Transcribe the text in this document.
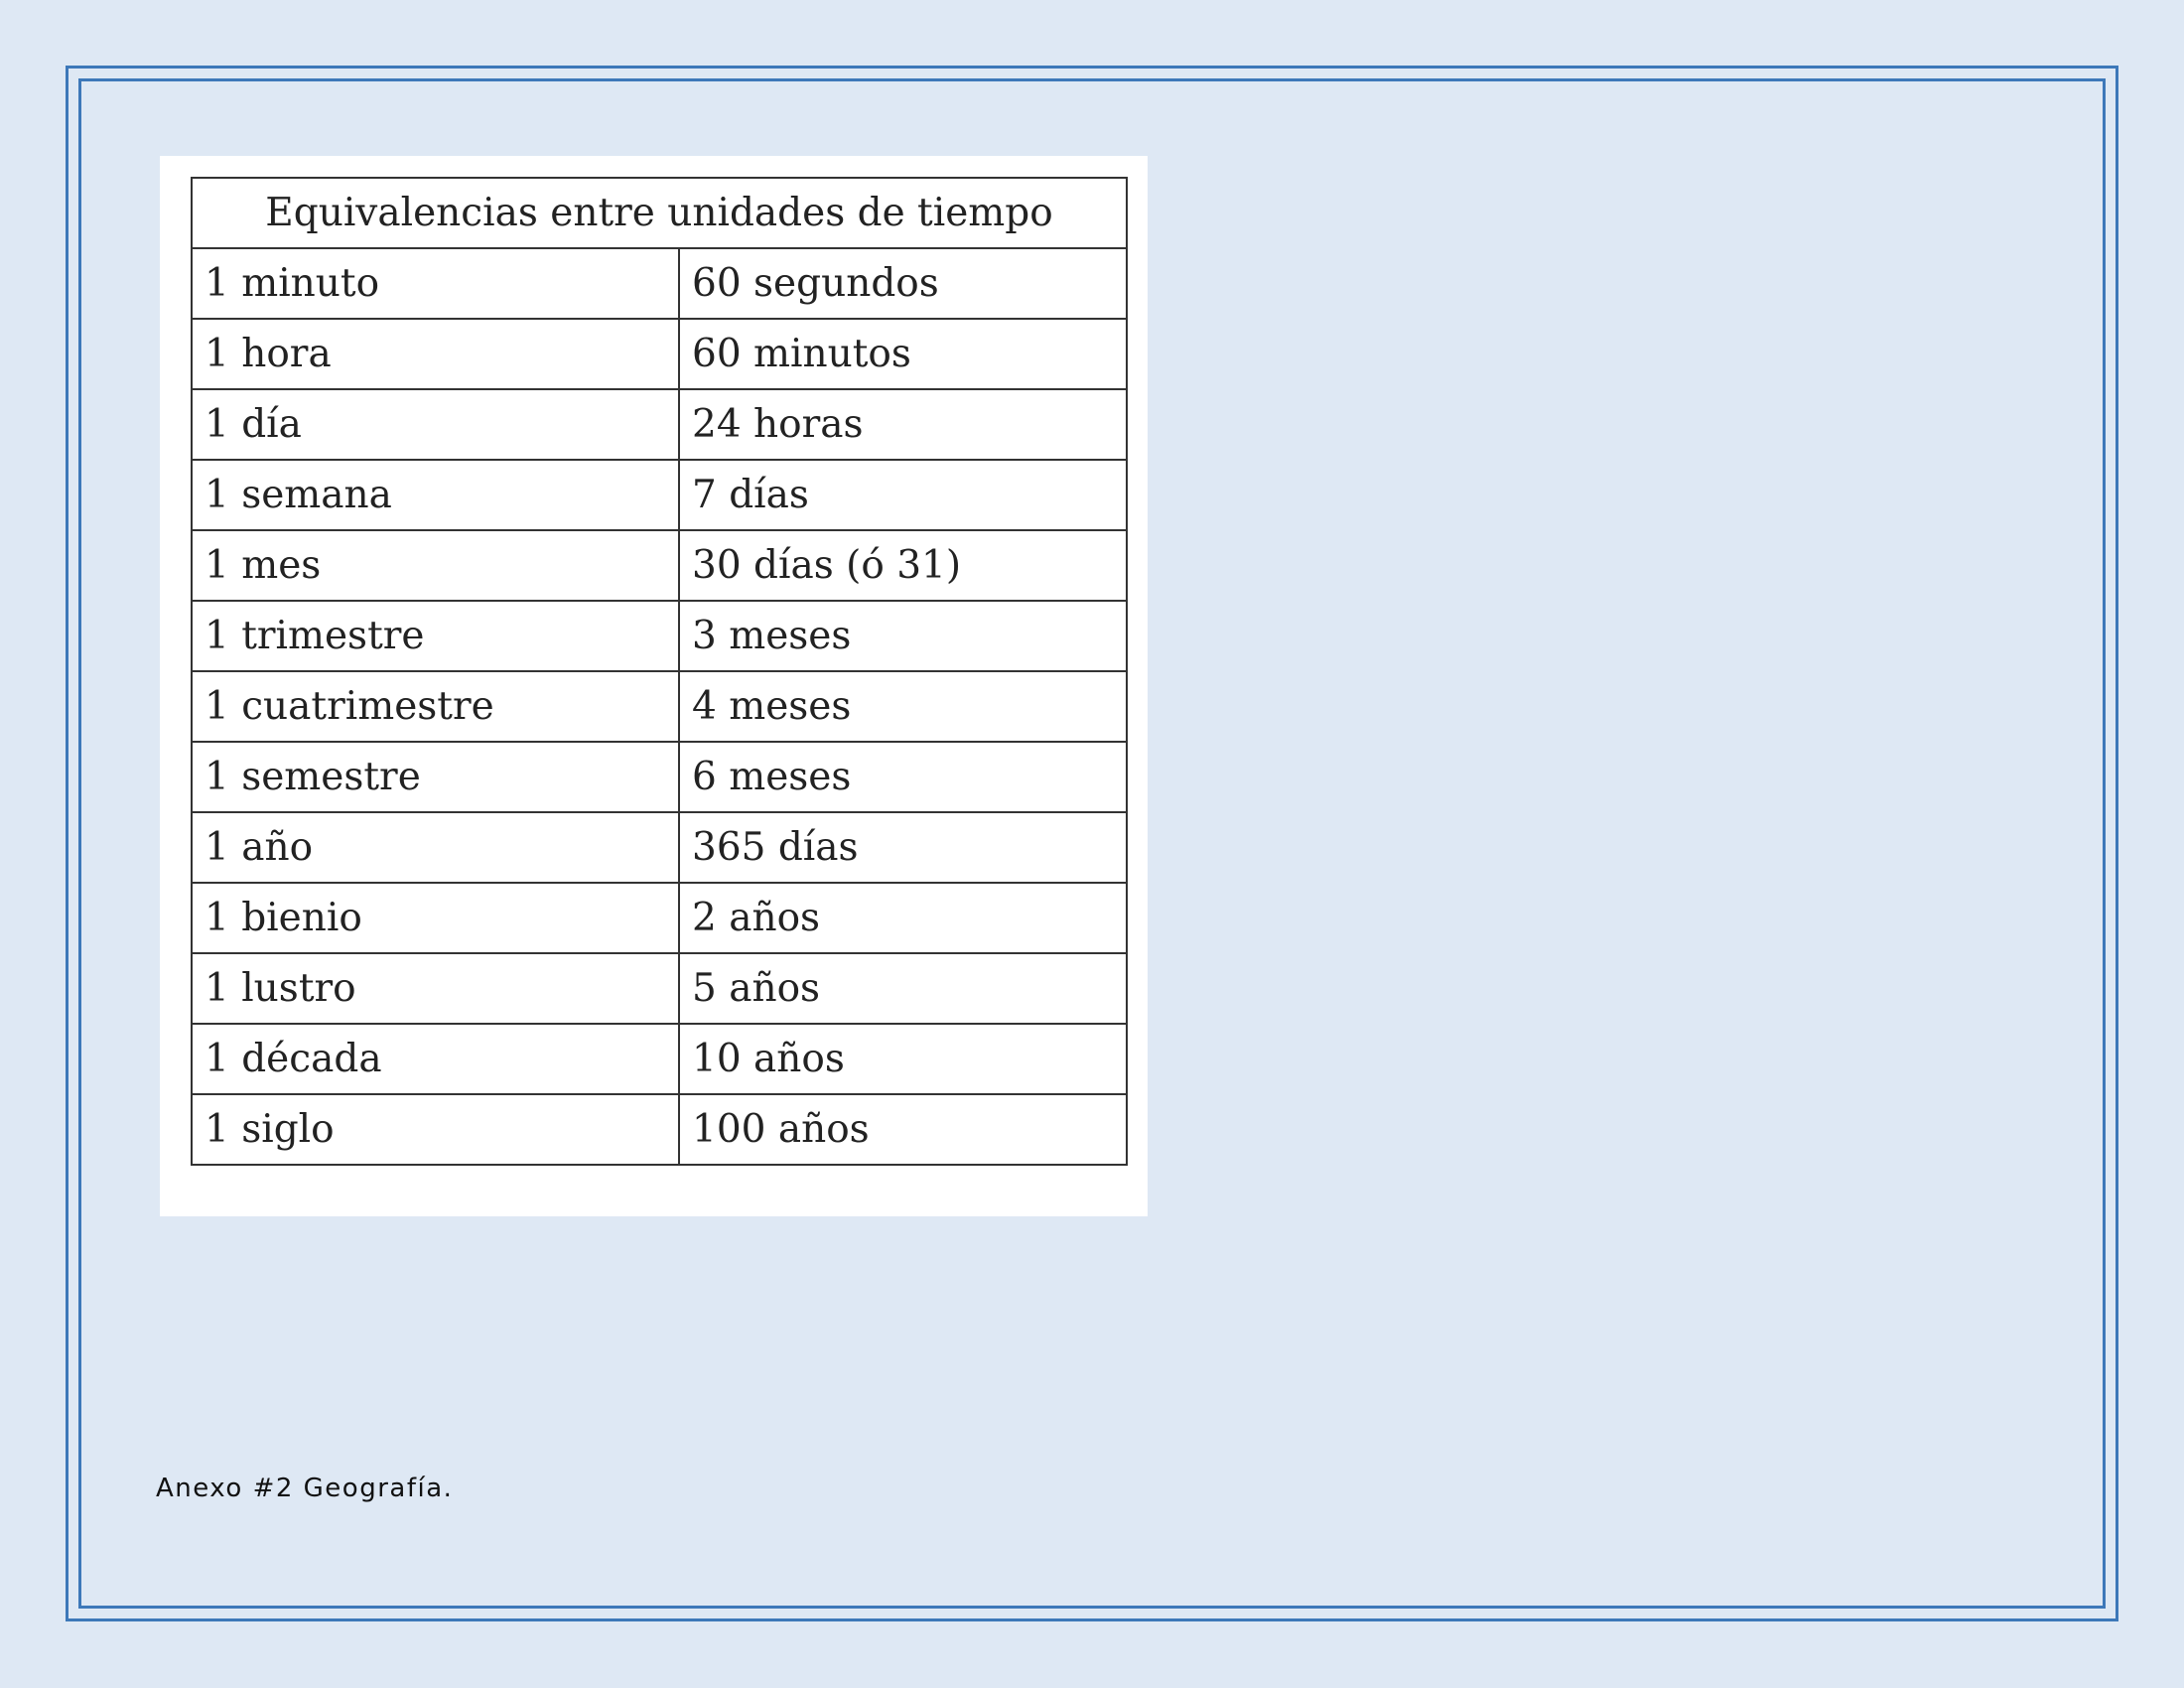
Equivalencias entre unidades de tiempo	
1 minuto	60 segundos
1 hora	60 minutos
1 día	24 horas
1 semana	7 días
1 mes	30 días (ó 31)
1 trimestre	3 meses
1 cuatrimestre	4 meses
1 semestre	6 meses
1 año	365 días
1 bienio	2 años
1 lustro	5 años
1 década	10 años
1 siglo	100 años
Anexo #2 Geografía.
